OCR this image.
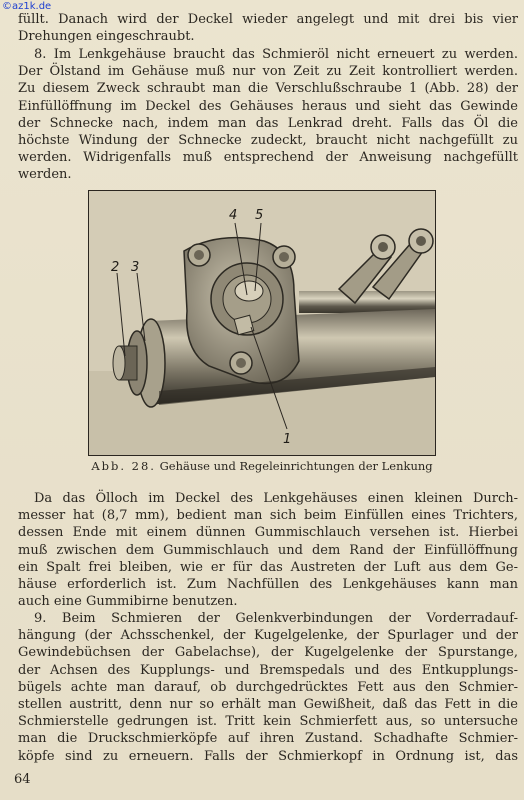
©az1k.de
füllt. Danach wird der Deckel wieder angelegt und mit drei bis vier
Drehungen eingeschraubt.
8. Im Lenkgehäuse braucht das Schmieröl nicht erneuert zu werden.
Der Ölstand im Gehäuse muß nur von Zeit zu Zeit kontrolliert werden.
Zu diesem Zweck schraubt man die Verschlußschraube 1 (Abb. 28) der
Einfüllöffnung im Deckel des Gehäuses heraus und sieht das Gewinde
der Schnecke nach, indem man das Lenkrad dreht. Falls das Öl die
höchste Windung der Schnecke zudeckt, braucht nicht nachgefüllt zu
werden. Widrigenfalls muß entsprechend der Anweisung nachgefüllt
werden.
4 5
2 3
1
Abb. 28. Gehäuse und Regeleinrichtungen der Lenkung
Da das Ölloch im Deckel des Lenkgehäuses einen kleinen Durch-
messer hat (8,7 mm), bedient man sich beim Einfüllen eines Trichters,
dessen Ende mit einem dünnen Gummischlauch versehen ist. Hierbei
muß zwischen dem Gummischlauch und dem Rand der Einfüllöffnung
ein Spalt frei bleiben, wie er für das Austreten der Luft aus dem Ge-
häuse erforderlich ist. Zum Nachfüllen des Lenkgehäuses kann man
auch eine Gummibirne benutzen.
9. Beim Schmieren der Gelenkverbindungen der Vorderradauf-
hängung (der Achsschenkel, der Kugelgelenke, der Spurlager und der
Gewindebüchsen der Gabelachse), der Kugelgelenke der Spurstange,
der Achsen des Kupplungs- und Bremspedals und des Entkupplungs-
bügels achte man darauf, ob durchgedrücktes Fett aus den Schmier-
stellen austritt, denn nur so erhält man Gewißheit, daß das Fett in die
Schmierstelle gedrungen ist. Tritt kein Schmierfett aus, so untersuche
man die Druckschmierköpfe auf ihren Zustand. Schadhafte Schmier-
köpfe sind zu erneuern. Falls der Schmierkopf in Ordnung ist, das
64
